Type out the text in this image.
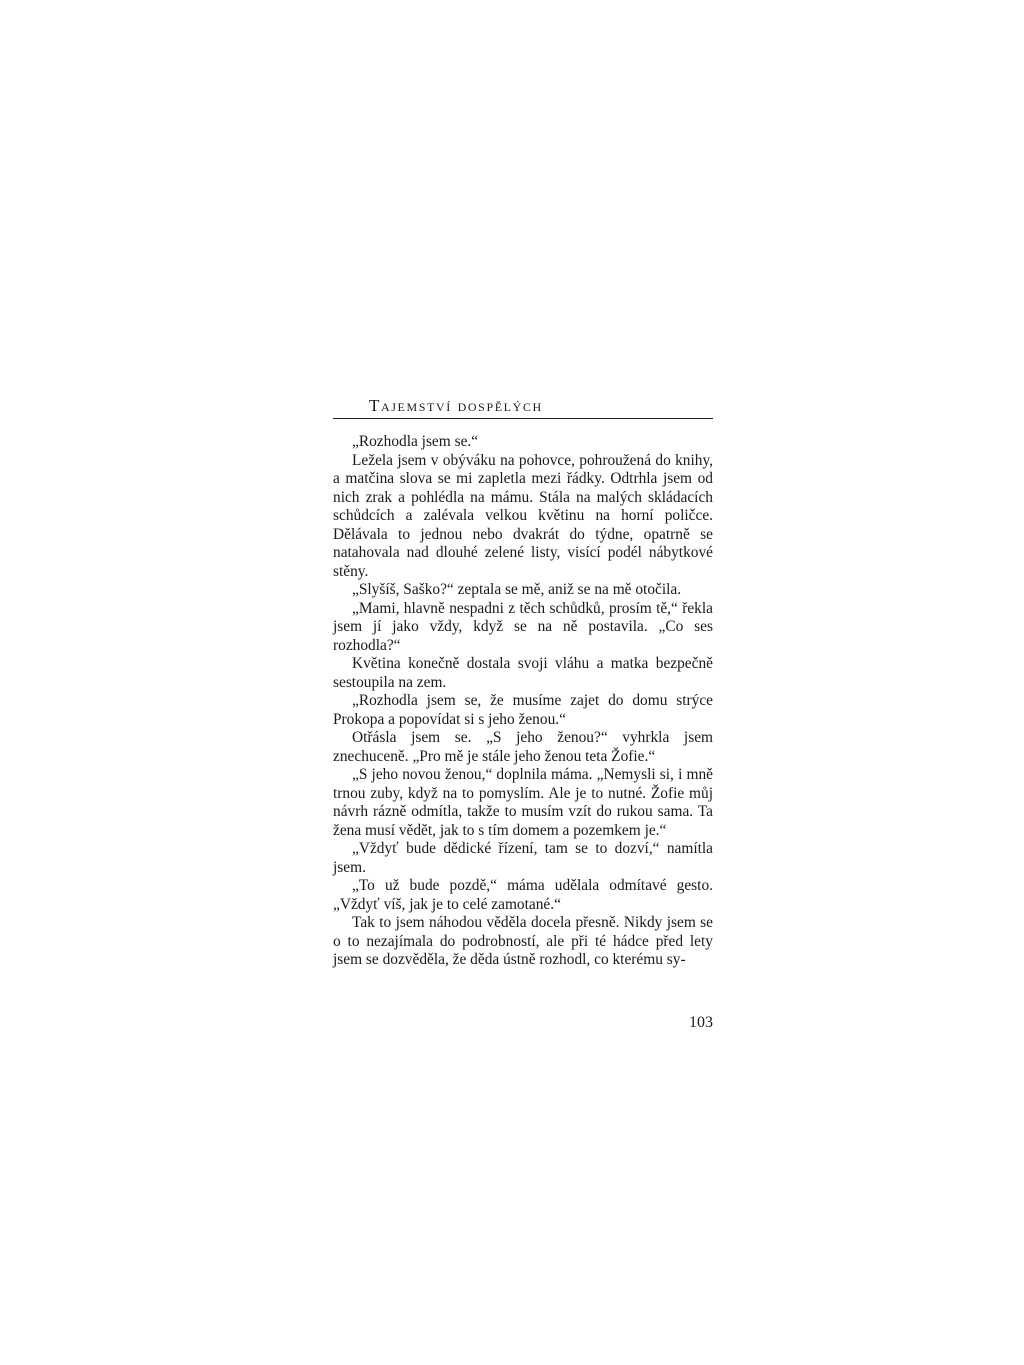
Tajemství dospělých

„Rozhodla jsem se.“

Ležela jsem v obýváku na pohovce, pohroužená do knihy, a matčina slova se mi zapletla mezi řádky. Odtrhla jsem od nich zrak a pohlédla na mámu. Stála na malých skládacích schůdcích a zalévala velkou květinu na horní poličce. Dělávala to jednou nebo dvakrát do týdne, opatrně se natahovala nad dlouhé zelené listy, visící podél nábytkové stěny.

„Slyšíš, Saško?“ zeptala se mě, aniž se na mě otočila.

„Mami, hlavně nespadni z těch schůdků, prosím tě,“ řekla jsem jí jako vždy, když se na ně postavila. „Co ses rozhodla?“

Květina konečně dostala svoji vláhu a matka bezpečně sestoupila na zem.

„Rozhodla jsem se, že musíme zajet do domu strýce Prokopa a popovídat si s jeho ženou.“

Otřásla jsem se. „S jeho ženou?“ vyhrkla jsem znechuceně. „Pro mě je stále jeho ženou teta Žofie.“

„S jeho novou ženou,“ doplnila máma. „Nemysli si, i mně trnou zuby, když na to pomyslím. Ale je to nutné. Žofie můj návrh rázně odmítla, takže to musím vzít do rukou sama. Ta žena musí vědět, jak to s tím domem a pozemkem je.“

„Vždyť bude dědické řízení, tam se to dozví,“ namítla jsem.

„To už bude pozdě,“ máma udělala odmítavé gesto. „Vždyť víš, jak je to celé zamotané.“

Tak to jsem náhodou věděla docela přesně. Nikdy jsem se o to nezajímala do podrobností, ale při té hádce před lety jsem se dozvěděla, že děda ústně rozhodl, co kterému sy-

103
